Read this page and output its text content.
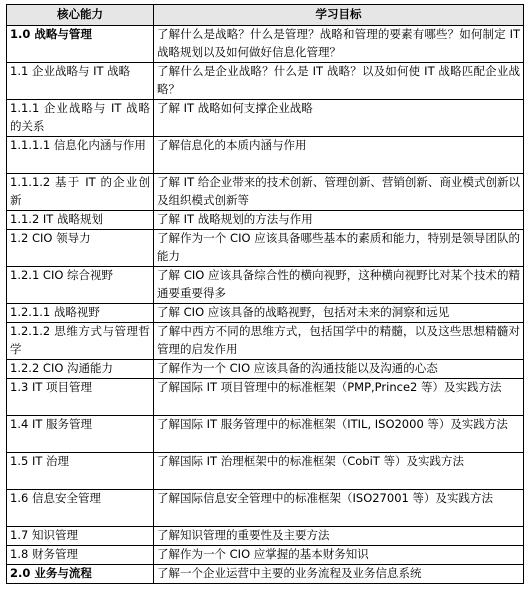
核心能力	学习目标
1.0 战略与管理	了解什么是战略？什么是管理？战略和管理的要素有哪些？如何制定 IT 战略规划以及如何做好信息化管理？
1.1 企业战略与 IT 战略	了解什么是企业战略？什么是 IT 战略？以及如何使 IT 战略匹配企业战略？
1.1.1 企业战略与 IT 战略的关系	了解 IT 战略如何支撑企业战略
1.1.1.1 信息化内涵与作用	了解信息化的本质内涵与作用
1.1.1.2 基于 IT 的企业创新	了解 IT 给企业带来的技术创新、管理创新、营销创新、商业模式创新以及组织模式创新等
1.1.2 IT 战略规划	了解 IT 战略规划的方法与作用
1.2 CIO 领导力	了解作为一个 CIO 应该具备哪些基本的素质和能力，特别是领导团队的能力
1.2.1 CIO 综合视野	了解 CIO 应该具备综合性的横向视野，这种横向视野比对某个技术的精通要重要得多
1.2.1.1 战略视野	了解 CIO 应该具备的战略视野，包括对未来的洞察和远见
1.2.1.2 思维方式与管理哲学	了解中西方不同的思维方式，包括国学中的精髓，以及这些思想精髓对管理的启发作用
1.2.2 CIO 沟通能力	了解作为一个 CIO 应该具备的沟通技能以及沟通的心态
1.3 IT 项目管理	了解国际 IT 项目管理中的标准框架（PMP,Prince2 等）及实践方法
1.4 IT 服务管理	了解国际 IT 服务管理中的标准框架（ITIL, ISO2000 等）及实践方法
1.5 IT 治理	了解国际 IT 治理框架中的标准框架（CobiT 等）及实践方法
1.6 信息安全管理	了解国际信息安全管理中的标准框架（ISO27001 等）及实践方法
1.7 知识管理	了解知识管理的重要性及主要方法
1.8 财务管理	了解作为一个 CIO 应掌握的基本财务知识
2.0 业务与流程	了解一个企业运营中主要的业务流程及业务信息系统
